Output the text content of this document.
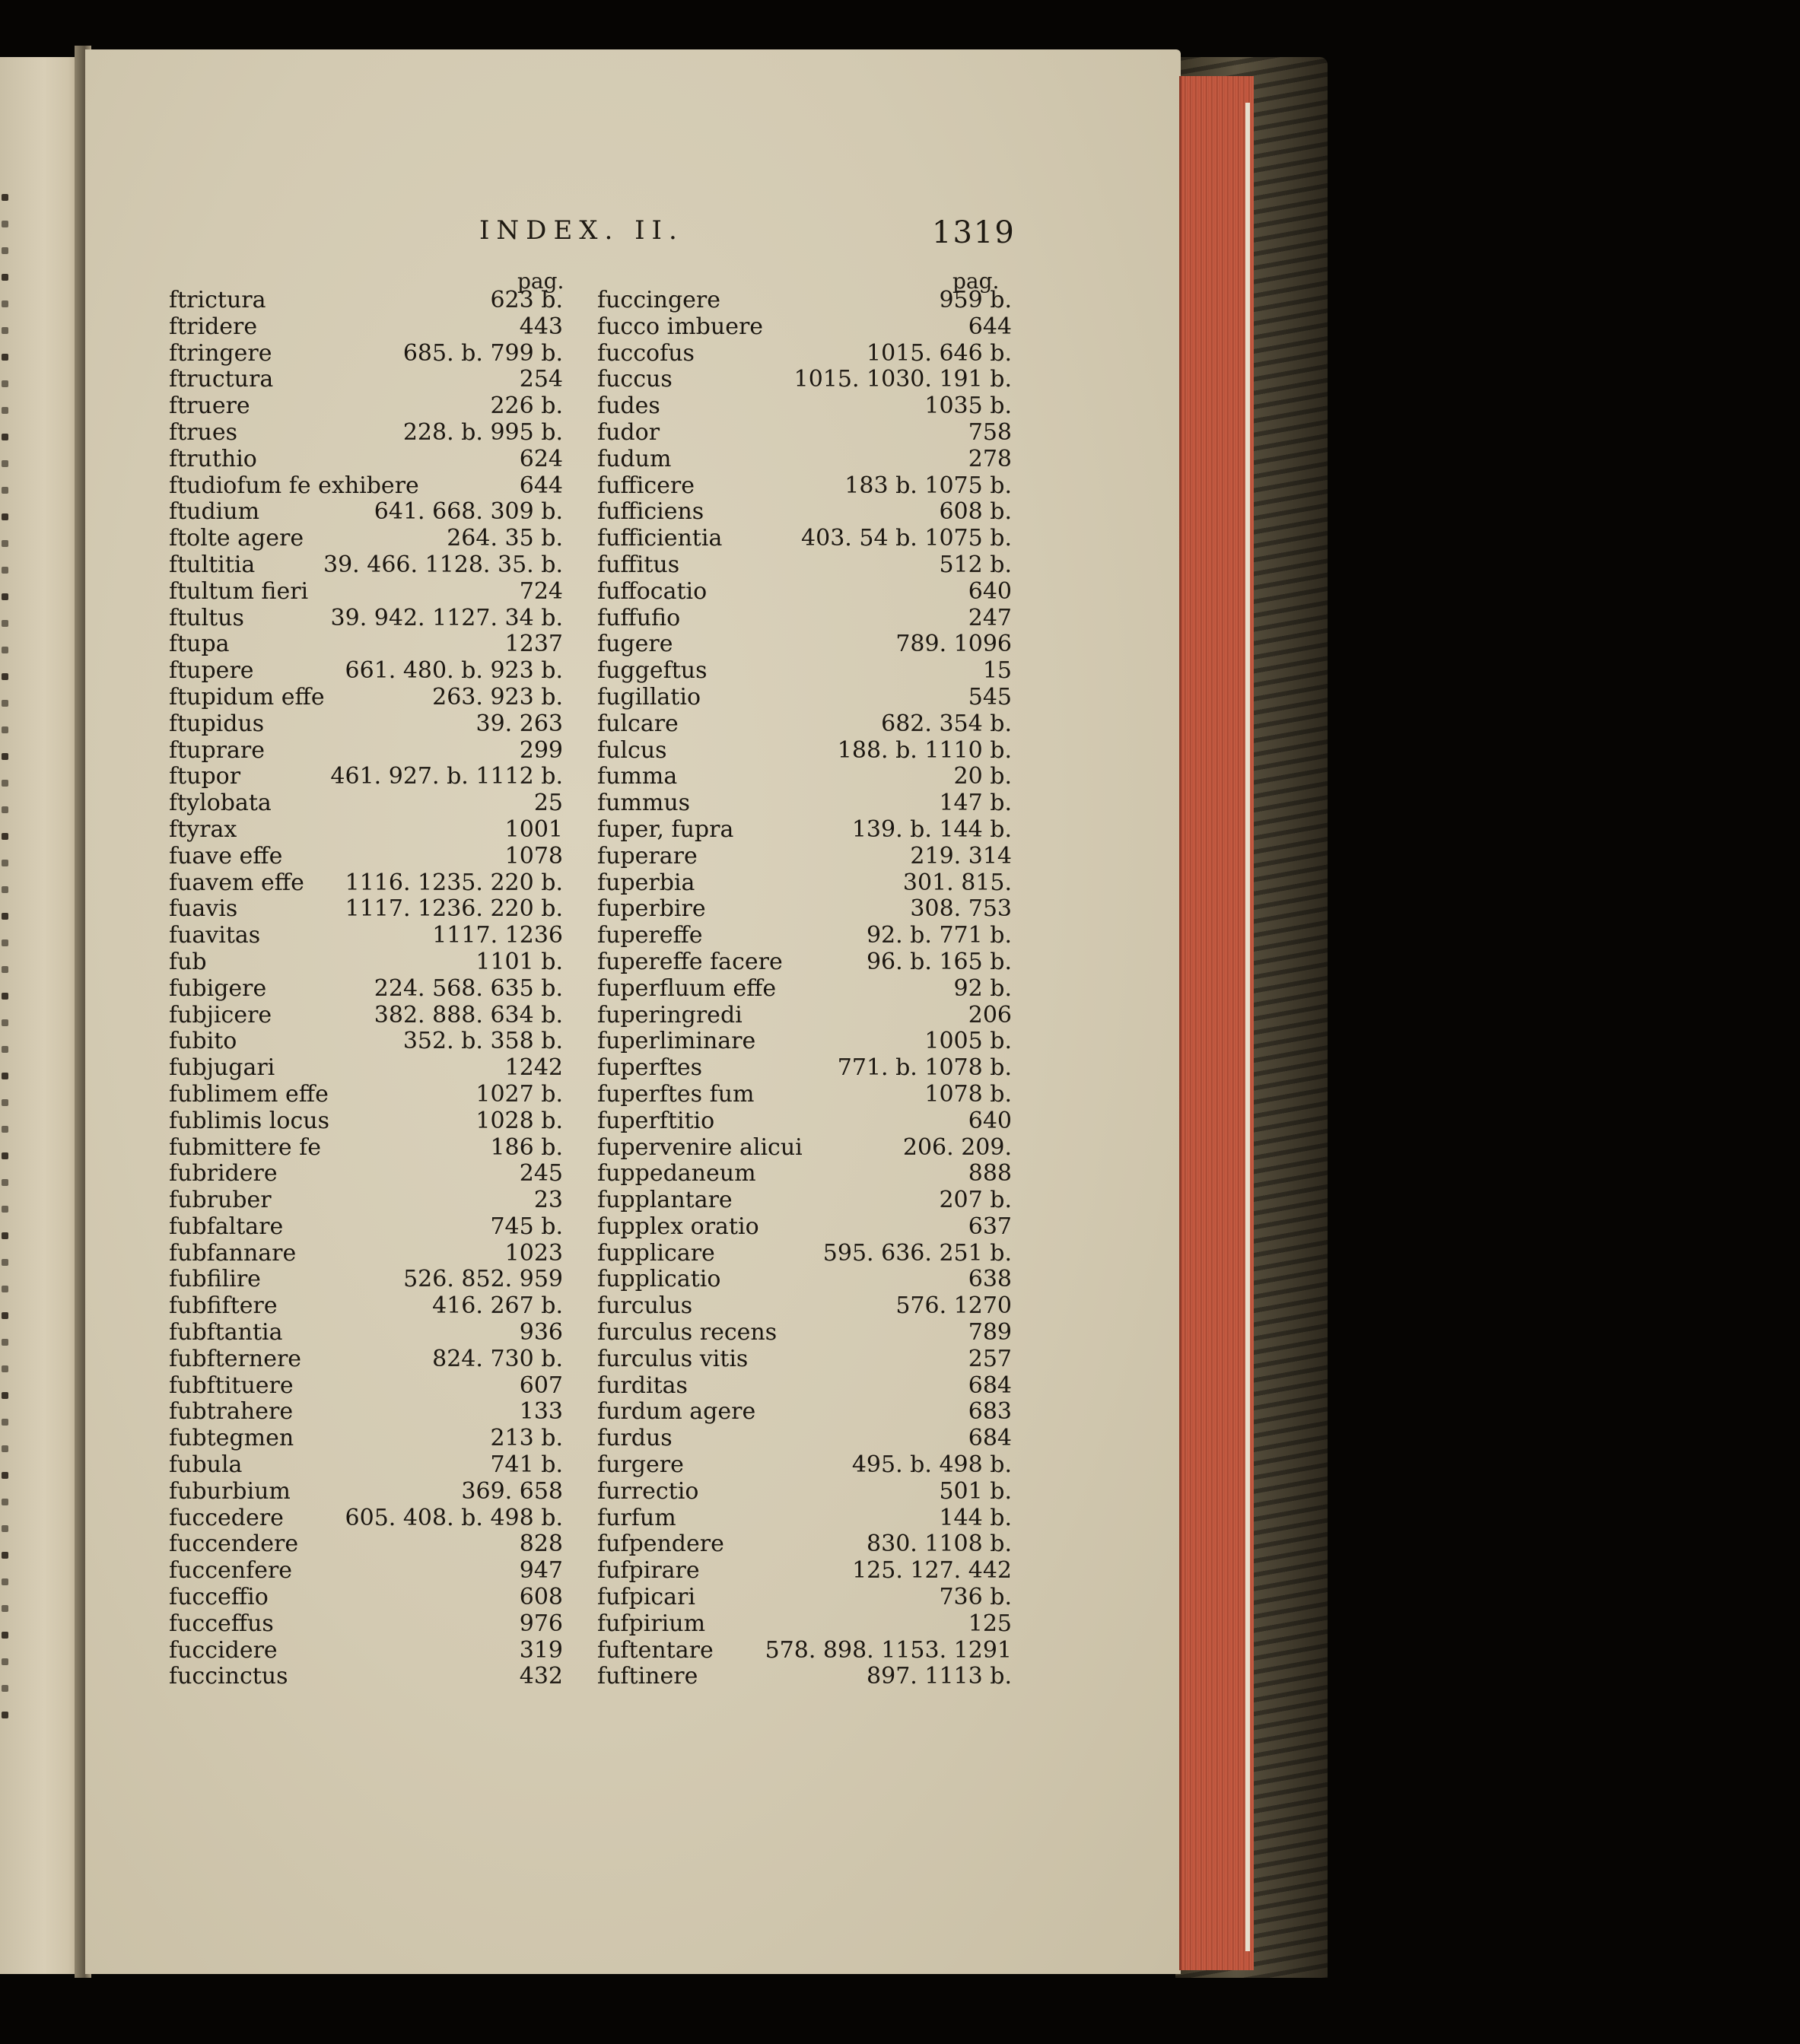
INDEX. II.	1319
pag.
ftrictura	623 b.
ftridere	443
ftringere	685. b. 799 b.
ftructura	254
ftruere	226 b.
ftrues	228. b. 995 b.
ftruthio	624
ftudiofum fe exhibere	644
ftudium	641. 668. 309 b.
ftolte agere	264. 35 b.
ftultitia	39. 466. 1128. 35. b.
ftultum fieri	724
ftultus	39. 942. 1127. 34 b.
ftupa	1237
ftupere	661. 480. b. 923 b.
ftupidum effe	263. 923 b.
ftupidus	39. 263
ftuprare	299
ftupor	461. 927. b. 1112 b.
ftylobata	25
ftyrax	1001
fuave effe	1078
fuavem effe 1116. 1235. 220 b.
fuavis	1117. 1236. 220 b.
fuavitas	1117. 1236
fub	1101 b.
fubigere	224. 568. 635 b.
fubjicere	382. 888. 634 b.
fubito	352. b. 358 b.
fubjugari	1242
fublimem effe	1027 b.
fublimis locus	1028 b.
fubmittere fe	186 b.
fubridere	245
fubruber	23
fubfaltare	745 b.
fubfannare	1023
fubfilire	526. 852. 959
fubfiftere	416. 267 b.
fubftantia	936
fubfternere	824. 730 b.
fubftituere	607
fubtrahere	133
fubtegmen	213 b.
fubula	741 b.
fuburbium	369. 658
fuccedere	605. 408. b. 498 b.
fuccendere	828
fuccenfere	947
fucceffio	608
fucceffus	976
fuccidere	319
fuccinctus	432
pag.
fuccingere	959 b.
fucco imbuere	644
fuccofus	1015. 646 b.
fuccus	1015. 1030. 191 b.
fudes	1035 b.
fudor	758
fudum	278
fufficere	183 b. 1075 b.
fufficiens	608 b.
fufficientia	403. 54 b. 1075 b.
fuffitus	512 b.
fuffocatio	640
fuffufio	247
fugere	789. 1096
fuggeftus	15
fugillatio	545
fulcare	682. 354 b.
fulcus	188. b. 1110 b.
fumma	20 b.
fummus	147 b.
fuper, fupra	139. b. 144 b.
fuperare	219. 314
fuperbia	301. 815.
fuperbire	308. 753
fupereffe	92. b. 771 b.
fupereffe facere	96. b. 165 b.
fuperfluum effe	92 b.
fuperingredi	206
fuperliminare	1005 b.
fuperftes	771. b. 1078 b.
fuperftes fum	1078 b.
fuperftitio	640
fupervenire alicui	206. 209.
fuppedaneum	888
fupplantare	207 b.
fupplex oratio	637
fupplicare	595. 636. 251 b.
fupplicatio	638
furculus	576. 1270
furculus recens	789
furculus vitis	257
furditas	684
furdum agere	683
furdus	684
furgere	495. b. 498 b.
furrectio	501 b.
furfum	144 b.
fufpendere	830. 1108 b.
fufpirare	125. 127. 442
fufpicari	736 b.
fufpirium	125
fuftentare 578. 898. 1153. 1291
fuftinere	897. 1113 b.
